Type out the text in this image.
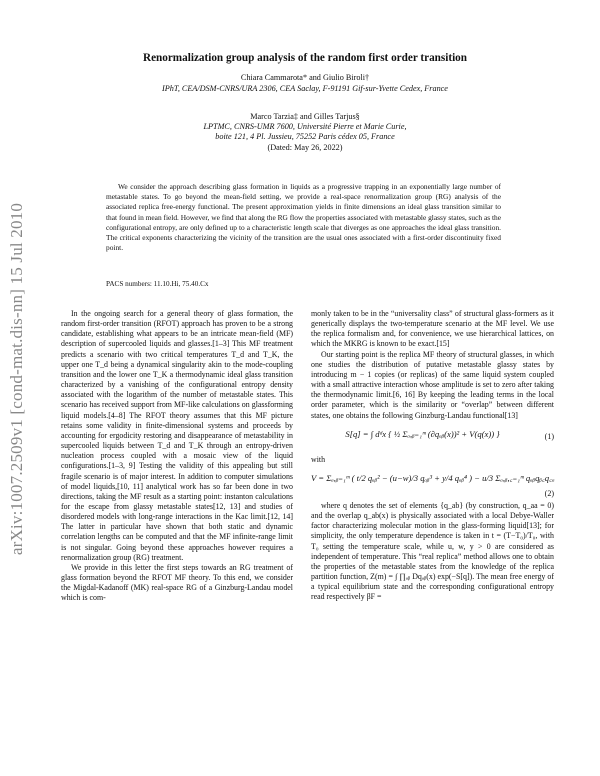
arXiv:1007.2509v1 [cond-mat.dis-nn] 15 Jul 2010
Renormalization group analysis of the random first order transition
Chiara Cammarota* and Giulio Biroli†
IPhT, CEA/DSM-CNRS/URA 2306, CEA Saclay, F-91191 Gif-sur-Yvette Cedex, France
Marco Tarzia‡ and Gilles Tarjus§
LPTMC, CNRS-UMR 7600, Université Pierre et Marie Curie,
boite 121, 4 Pl. Jussieu, 75252 Paris cédex 05, France
(Dated: May 26, 2022)
We consider the approach describing glass formation in liquids as a progressive trapping in an exponentially large number of metastable states. To go beyond the mean-field setting, we provide a real-space renormalization group (RG) analysis of the associated replica free-energy functional. The present approximation yields in finite dimensions an ideal glass transition similar to that found in mean field. However, we find that along the RG flow the properties associated with metastable glassy states, such as the configurational entropy, are only defined up to a characteristic length scale that diverges as one approaches the ideal glass transition. The critical exponents characterizing the vicinity of the transition are the usual ones associated with a first-order discontinuity fixed point.
PACS numbers: 11.10.Hi, 75.40.Cx

In the ongoing search for a general theory of glass formation, the random first-order transition (RFOT) approach has proven to be a strong candidate, establishing what appears to be an intricate mean-field (MF) description of supercooled liquids and glasses.[1–3] This MF treatment predicts a scenario with two critical temperatures T_d and T_K, the upper one T_d being a dynamical singularity akin to the mode-coupling transition and the lower one T_K a thermodynamic ideal glass transition characterized by a vanishing of the configurational entropy density associated with the logarithm of the number of metastable states. This scenario has received support from MF-like calculations on glassforming liquid models.[4–8] The RFOT theory assumes that this MF picture retains some validity in finite-dimensional systems and proceeds by accounting for ergodicity restoring and disappearance of metastability in supercooled liquids between T_d and T_K through an entropy-driven nucleation process coupled with a mosaic view of the liquid configurations.[1–3, 9] Testing the validity of this appealing but still fragile scenario is of major interest. In addition to computer simulations of model liquids,[10, 11] analytical work has so far been done in two directions, taking the MF result as a starting point: instanton calculations for the escape from glassy metastable states[12, 13] and studies of disordered models with long-range interactions in the Kac limit.[12, 14] The latter in particular have shown that both static and dynamic correlation lengths can be computed and that the MF infinite-range limit is not singular. Going beyond these approaches however requires a renormalization group (RG) treatment.

We provide in this letter the first steps towards an RG treatment of glass formation beyond the RFOT MF theory. To this end, we consider the Migdal-Kadanoff (MK) real-space RG of a Ginzburg-Landau model which is com-

monly taken to be in the “universality class” of structural glass-formers as it generically displays the two-temperature scenario at the MF level. We use the replica formalism and, for convenience, we use hierarchical lattices, on which the MKRG is known to be exact.[15]

Our starting point is the replica MF theory of structural glasses, in which one studies the distribution of putative metastable glassy states by introducing m − 1 copies (or replicas) of the same liquid system coupled with a small attractive interaction whose amplitude is set to zero after taking the thermodynamic limit.[6, 16] By keeping the leading terms in the local order parameter, which is the similarity or “overlap” between different states, one obtains the following Ginzburg-Landau functional[13]

S[q] = ∫ dᵈx { ½ Σₐ,ᵦ₌₁ᵐ (∂qₐᵦ(x))² + V(q(x)) }	(1)

with

V = Σₐ,ᵦ₌₁ᵐ ( t/2 qₐᵦ² − (u−w)/3 qₐᵦ³ + y/4 qₐᵦ⁴ ) − u/3 Σₐ,ᵦ,꜀₌₁ᵐ qₐᵦqᵦ꜀q꜀ₐ
(2)

where q denotes the set of elements {q_ab} (by construction, q_aa = 0) and the overlap q_ab(x) is physically associated with a local Debye-Waller factor characterizing molecular motion in the glass-forming liquid[13]; for simplicity, the only temperature dependence is taken in t = (T−T₀)/T₀, with T₀ setting the temperature scale, while u, w, y > 0 are considered as independent of temperature. This “real replica” method allows one to obtain the properties of the metastable states from the knowledge of the replica partition function, Z(m) = ∫ ∏ₐᵦ Dqₐᵦ(x) exp(−S[q]). The mean free energy of a typical equilibrium state and the corresponding configurational entropy read respectively βF =
